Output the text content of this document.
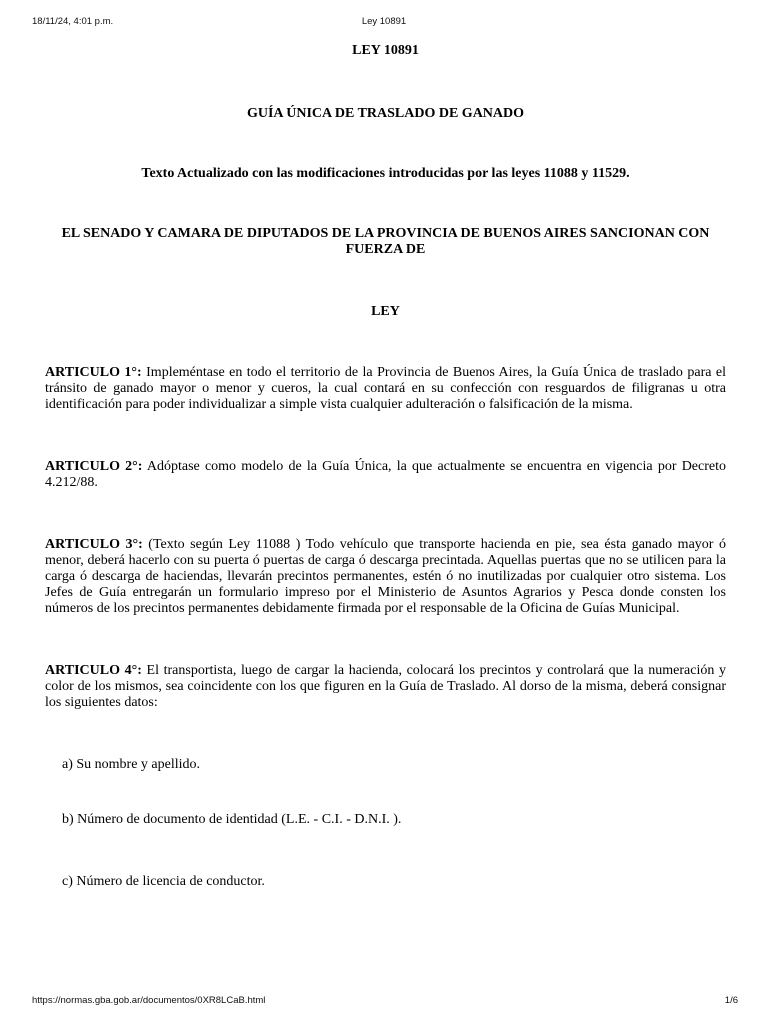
18/11/24, 4:01 p.m.	Ley 10891

LEY 10891

GUÍA ÚNICA DE TRASLADO DE GANADO

Texto Actualizado con las modificaciones introducidas por las leyes 11088 y 11529.

EL SENADO Y CAMARA DE DIPUTADOS DE LA PROVINCIA DE BUENOS AIRES SANCIONAN CON FUERZA DE

LEY

ARTICULO 1°: Impleméntase en todo el territorio de la Provincia de Buenos Aires, la Guía Única de traslado para el tránsito de ganado mayor o menor y cueros, la cual contará en su confección con resguardos de filigranas u otra identificación para poder individualizar a simple vista cualquier adulteración o falsificación de la misma.

ARTICULO 2°: Adóptase como modelo de la Guía Única, la que actualmente se encuentra en vigencia por Decreto 4.212/88.

ARTICULO 3°: (Texto según Ley 11088 ) Todo vehículo que transporte hacienda en pie, sea ésta ganado mayor ó menor, deberá hacerlo con su puerta ó puertas de carga ó descarga precintada. Aquellas puertas que no se utilicen para la carga ó descarga de haciendas, llevarán precintos permanentes, estén ó no inutilizadas por cualquier otro sistema. Los Jefes de Guía entregarán un formulario impreso por el Ministerio de Asuntos Agrarios y Pesca donde consten los números de los precintos permanentes debidamente firmada por el responsable de la Oficina de Guías Municipal.

ARTICULO 4°: El transportista, luego de cargar la hacienda, colocará los precintos y controlará que la numeración y color de los mismos, sea coincidente con los que figuren en la Guía de Traslado. Al dorso de la misma, deberá consignar los siguientes datos:

a) Su nombre y apellido.

b) Número de documento de identidad (L.E. - C.I. - D.N.I. ).

c) Número de licencia de conductor.

https://normas.gba.gob.ar/documentos/0XR8LCaB.html	1/6
